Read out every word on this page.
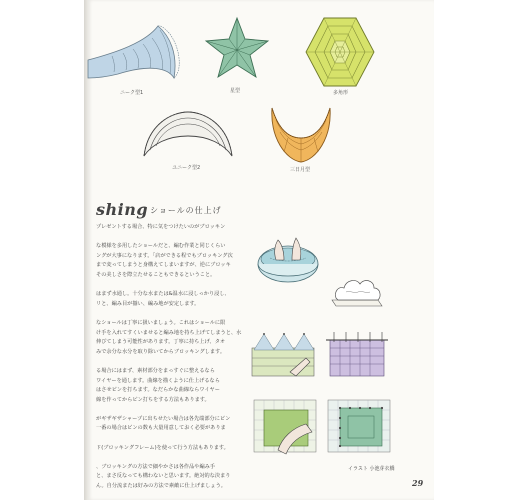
ニーク型1	星型	多角形
ユニーク型2	三日月型
shing ショールの仕上げ

プレゼントする場合、特に気をつけたいのがブロッキン

な模様を多用したショールだと、編む作業と同じくらい
ングが大事になります。「店ができる程でもブロッキング次
まで変ってしまうと身構えてしまいますが、逆にブロッキ
その美しさを際立たせることもできるということ。

はまず水通し。十分な水または&温水に浸しっかり浸し、
リと、編み目が揃い、編み地が安定します。

なショールは丁寧に扱いましょう。これはショールに限
け手を入れてすくいませると編み地を持ち上げてしまうと、水
伸びてしまう可能性があります。丁寧に持ち上げ、タオ
みで余分な水分を取り除いてからブロッキングします。

る場合にはまず、素材部分をまっすぐに整えるなら
ワイヤーを通します。曲線を描くように仕上げるなら
はさせピンを打ちます。なだらかな曲線ならワイヤー
線を作ってからピン打ちをする方法もあります。

がギザギザシャープに出ちせたい場合は各先端部分にピン
一番の場合はピンの数も大量用意しておく必要がありま

ド(ブロッキングフレーム)を使って行う方法もあります。

、ブロッキングの方法で細やかさは各作品や編み手
と、まさ反なっても構わないと思います。絶対的な決まり
ん。自分流または好みの方法で素敵に仕上げましょう。

イラスト 小池芽衣橋
29
